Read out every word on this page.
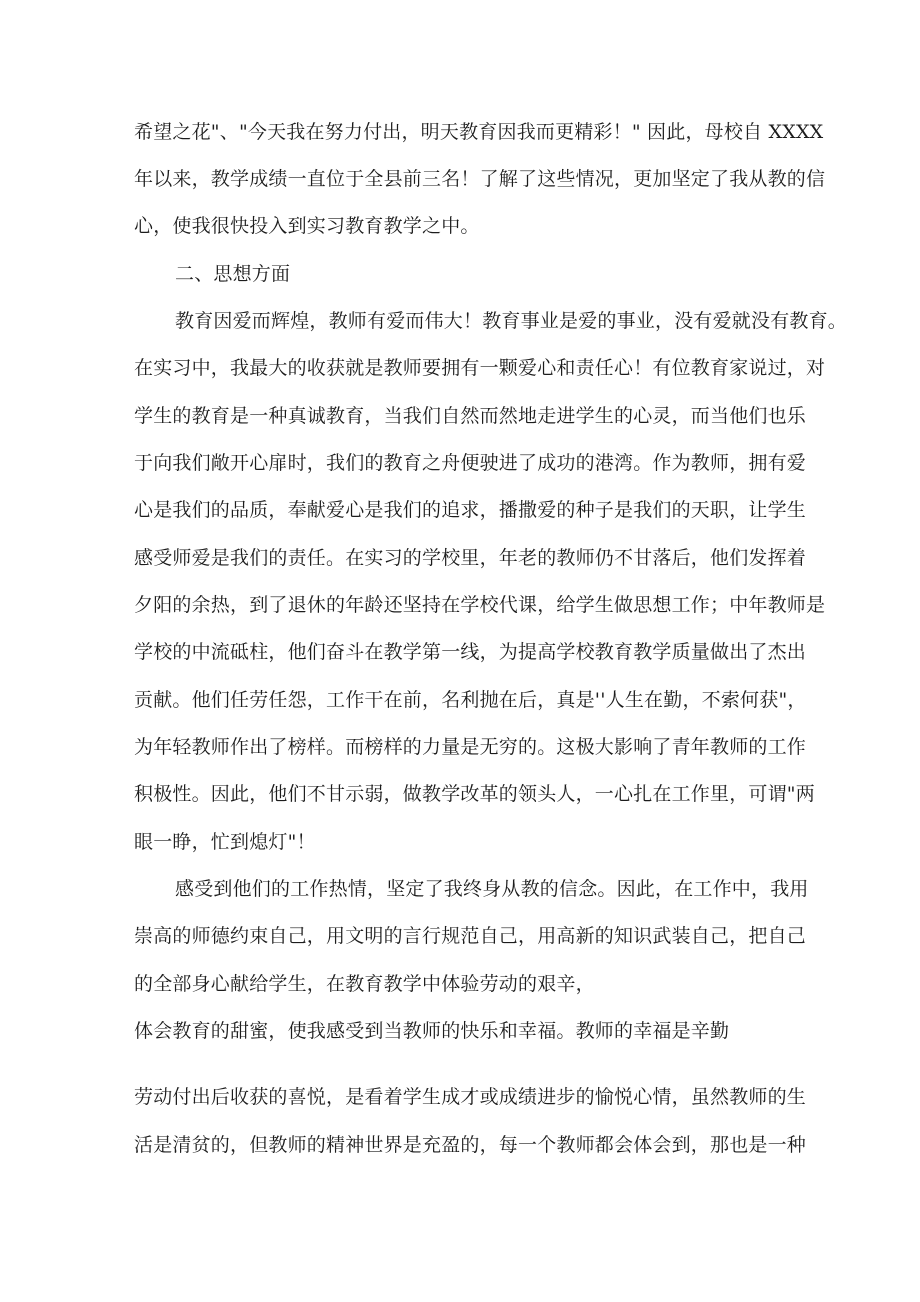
希望之花"、"今天我在努力付出，明天教育因我而更精彩！" 因此，母校自 XXXX
年以来，教学成绩一直位于全县前三名！了解了这些情况，更加坚定了我从教的信
心，使我很快投入到实习教育教学之中。
二、思想方面
教育因爱而辉煌，教师有爱而伟大！教育事业是爱的事业，没有爱就没有教育。
在实习中，我最大的收获就是教师要拥有一颗爱心和责任心！有位教育家说过，对
学生的教育是一种真诚教育，当我们自然而然地走进学生的心灵，而当他们也乐
于向我们敞开心扉时，我们的教育之舟便驶进了成功的港湾。作为教师，拥有爱
心是我们的品质，奉献爱心是我们的追求，播撒爱的种子是我们的天职，让学生
感受师爱是我们的责任。在实习的学校里，年老的教师仍不甘落后，他们发挥着
夕阳的余热，到了退休的年龄还坚持在学校代课，给学生做思想工作；中年教师是
学校的中流砥柱，他们奋斗在教学第一线，为提高学校教育教学质量做出了杰出
贡献。他们任劳任怨，工作干在前，名利抛在后，真是''人生在勤，不索何获"，
为年轻教师作出了榜样。而榜样的力量是无穷的。这极大影响了青年教师的工作
积极性。因此，他们不甘示弱，做教学改革的领头人，一心扎在工作里，可谓"两
眼一睁，忙到熄灯"！
感受到他们的工作热情，坚定了我终身从教的信念。因此，在工作中，我用
崇高的师德约束自己，用文明的言行规范自己，用高新的知识武装自己，把自己
的全部身心献给学生，在教育教学中体验劳动的艰辛，
体会教育的甜蜜，使我感受到当教师的快乐和幸福。教师的幸福是辛勤
劳动付出后收获的喜悦，是看着学生成才或成绩进步的愉悦心情，虽然教师的生
活是清贫的，但教师的精神世界是充盈的，每一个教师都会体会到，那也是一种
